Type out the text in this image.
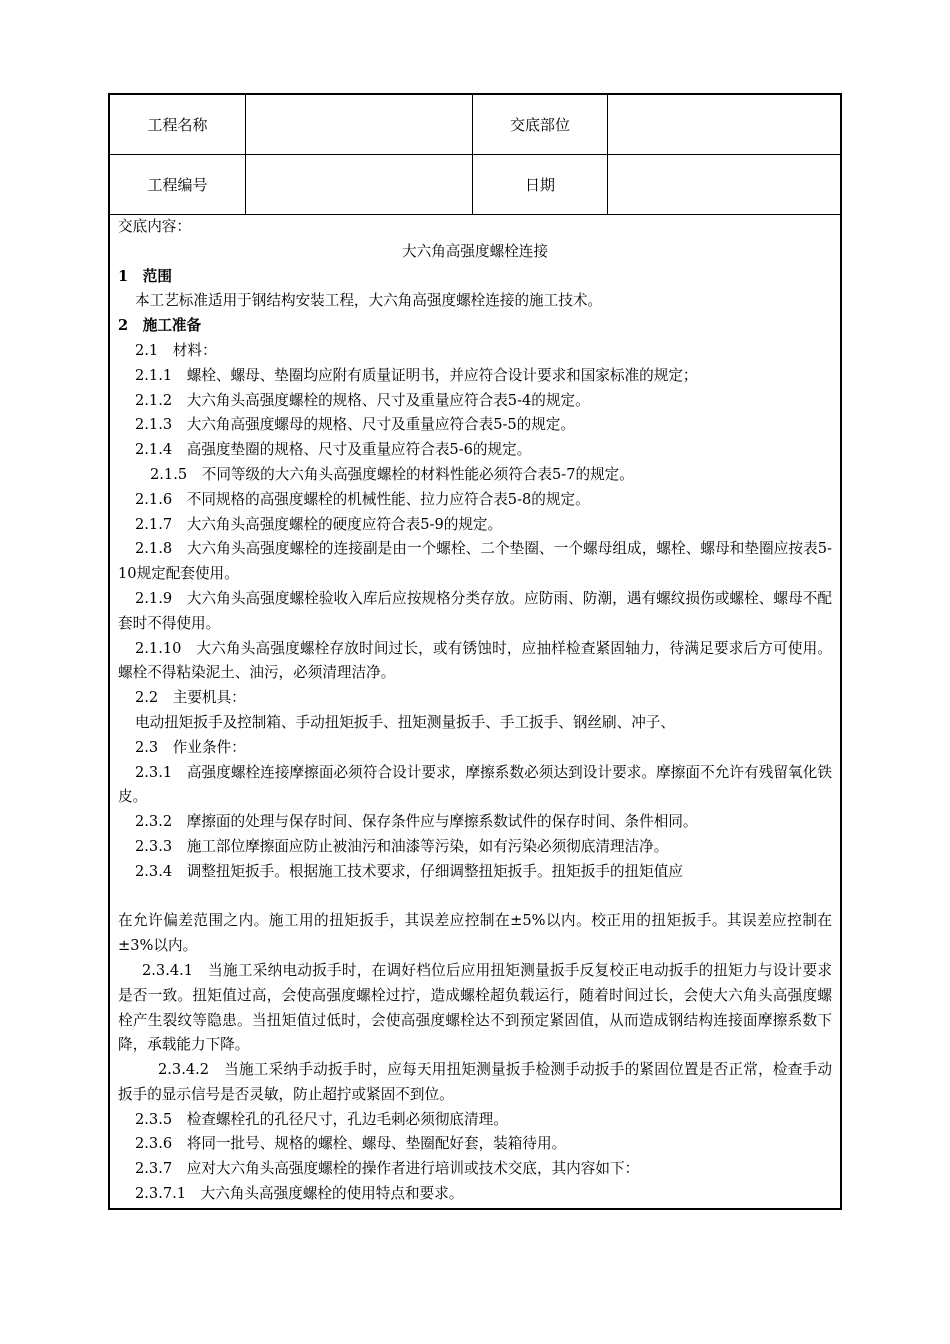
工程名称	交底部位
工程编号	日期
交底内容：
大六角高强度螺栓连接
1　范围
本工艺标准适用于钢结构安装工程，大六角高强度螺栓连接的施工技术。
2　施工准备
2.1　材料：
2.1.1　螺栓、螺母、垫圈均应附有质量证明书，并应符合设计要求和国家标准的规定；
2.1.2　大六角头高强度螺栓的规格、尺寸及重量应符合表5-4的规定。
2.1.3　大六角高强度螺母的规格、尺寸及重量应符合表5-5的规定。
2.1.4　高强度垫圈的规格、尺寸及重量应符合表5-6的规定。
2.1.5　不同等级的大六角头高强度螺栓的材料性能必须符合表5-7的规定。
2.1.6　不同规格的高强度螺栓的机械性能、拉力应符合表5-8的规定。
2.1.7　大六角头高强度螺栓的硬度应符合表5-9的规定。
2.1.8　大六角头高强度螺栓的连接副是由一个螺栓、二个垫圈、一个螺母组成，螺栓、螺母和垫圈应按表5-10规定配套使用。
2.1.9　大六角头高强度螺栓验收入库后应按规格分类存放。应防雨、防潮，遇有螺纹损伤或螺栓、螺母不配套时不得使用。
2.1.10　大六角头高强度螺栓存放时间过长，或有锈蚀时，应抽样检查紧固轴力，待满足要求后方可使用。螺栓不得粘染泥土、油污，必须清理洁净。
2.2　主要机具：
电动扭矩扳手及控制箱、手动扭矩扳手、扭矩测量扳手、手工扳手、钢丝刷、冲子、
2.3　作业条件：
2.3.1　高强度螺栓连接摩擦面必须符合设计要求，摩擦系数必须达到设计要求。摩擦面不允许有残留氧化铁皮。
2.3.2　摩擦面的处理与保存时间、保存条件应与摩擦系数试件的保存时间、条件相同。
2.3.3　施工部位摩擦面应防止被油污和油漆等污染，如有污染必须彻底清理洁净。
2.3.4　调整扭矩扳手。根据施工技术要求，仔细调整扭矩扳手。扭矩扳手的扭矩值应
在允许偏差范围之内。施工用的扭矩扳手，其误差应控制在±5%以内。校正用的扭矩扳手。其误差应控制在±3%以内。
2.3.4.1　当施工采纳电动扳手时，在调好档位后应用扭矩测量扳手反复校正电动扳手的扭矩力与设计要求是否一致。扭矩值过高，会使高强度螺栓过拧，造成螺栓超负载运行，随着时间过长，会使大六角头高强度螺栓产生裂纹等隐患。当扭矩值过低时，会使高强度螺栓达不到预定紧固值，从而造成钢结构连接面摩擦系数下降，承载能力下降。
2.3.4.2　当施工采纳手动扳手时，应每天用扭矩测量扳手检测手动扳手的紧固位置是否正常，检查手动扳手的显示信号是否灵敏，防止超拧或紧固不到位。
2.3.5　检查螺栓孔的孔径尺寸，孔边毛刺必须彻底清理。
2.3.6　将同一批号、规格的螺栓、螺母、垫圈配好套，装箱待用。
2.3.7　应对大六角头高强度螺栓的操作者进行培训或技术交底，其内容如下：
2.3.7.1　大六角头高强度螺栓的使用特点和要求。
